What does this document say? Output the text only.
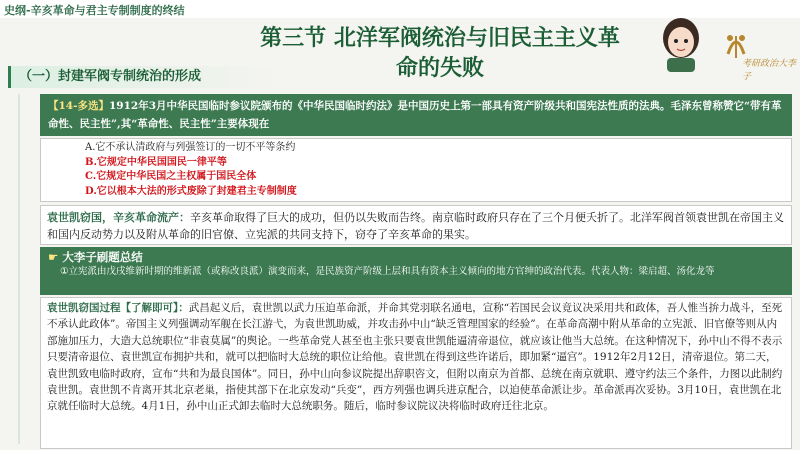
史纲-辛亥革命与君主专制制度的终结
第三节 北洋军阀统治与旧民主主义革
命的失败	考研政治大李子
（一）封建军阀专制统治的形成
【14-多选】1912年3月中华民国临时参议院颁布的《中华民国临时约法》是中国历史上第一部具有资产阶级共和国宪法性质的法典。毛泽东曾称赞它“带有革命性、民主性”,其“革命性、民主性”主要体现在
A.它不承认清政府与列强签订的一切不平等条约
B.它规定中华民国国民一律平等
C.它规定中华民国之主权属于国民全体
D.它以根本大法的形式废除了封建君主专制制度
袁世凯窃国，辛亥革命流产：辛亥革命取得了巨大的成功，但仍以失败而告终。南京临时政府只存在了三个月便夭折了。北洋军阀首领袁世凯在帝国主义和国内反动势力以及附从革命的旧官僚、立宪派的共同支持下，窃夺了辛亥革命的果实。
☛ 大李子刷题总结
①立宪派由戊戌维新时期的维新派（或称改良派）演变而来，是民族资产阶级上层和具有资本主义倾向的地方官绅的政治代表。代表人物：梁启超、汤化龙等
袁世凯窃国过程【了解即可】：武昌起义后，袁世凯以武力压迫革命派，并命其党羽联名通电，宣称“若国民会议竟议决采用共和政体，吾人惟当拚力战斗，至死不承认此政体”。帝国主义列强调动军舰在长江游弋，为袁世凯助威，并攻击孙中山“缺乏管理国家的经验”。在革命高潮中附从革命的立宪派、旧官僚等则从内部施加压力，大造大总统职位“非袁莫属”的舆论。一些革命党人甚至也主张只要袁世凯能逼清帝退位，就应该让他当大总统。在这种情况下，孙中山不得不表示只要清帝退位、袁世凯宣布拥护共和，就可以把临时大总统的职位让给他。袁世凯在得到这些许诺后，即加紧“逼宫”。1912年2月12日，清帝退位。第二天，袁世凯致电临时政府，宣布“共和为最良国体”。同日，孙中山向参议院提出辞职咨文，但附以南京为首都、总统在南京就职、遵守约法三个条件，力图以此制约袁世凯。袁世凯不肯离开其北京老巢，指使其部下在北京发动“兵变”，西方列强也调兵进京配合，以迫使革命派让步。革命派再次妥协。3月10日，袁世凯在北京就任临时大总统。4月1日，孙中山正式卸去临时大总统职务。随后，临时参议院议决将临时政府迁往北京。
